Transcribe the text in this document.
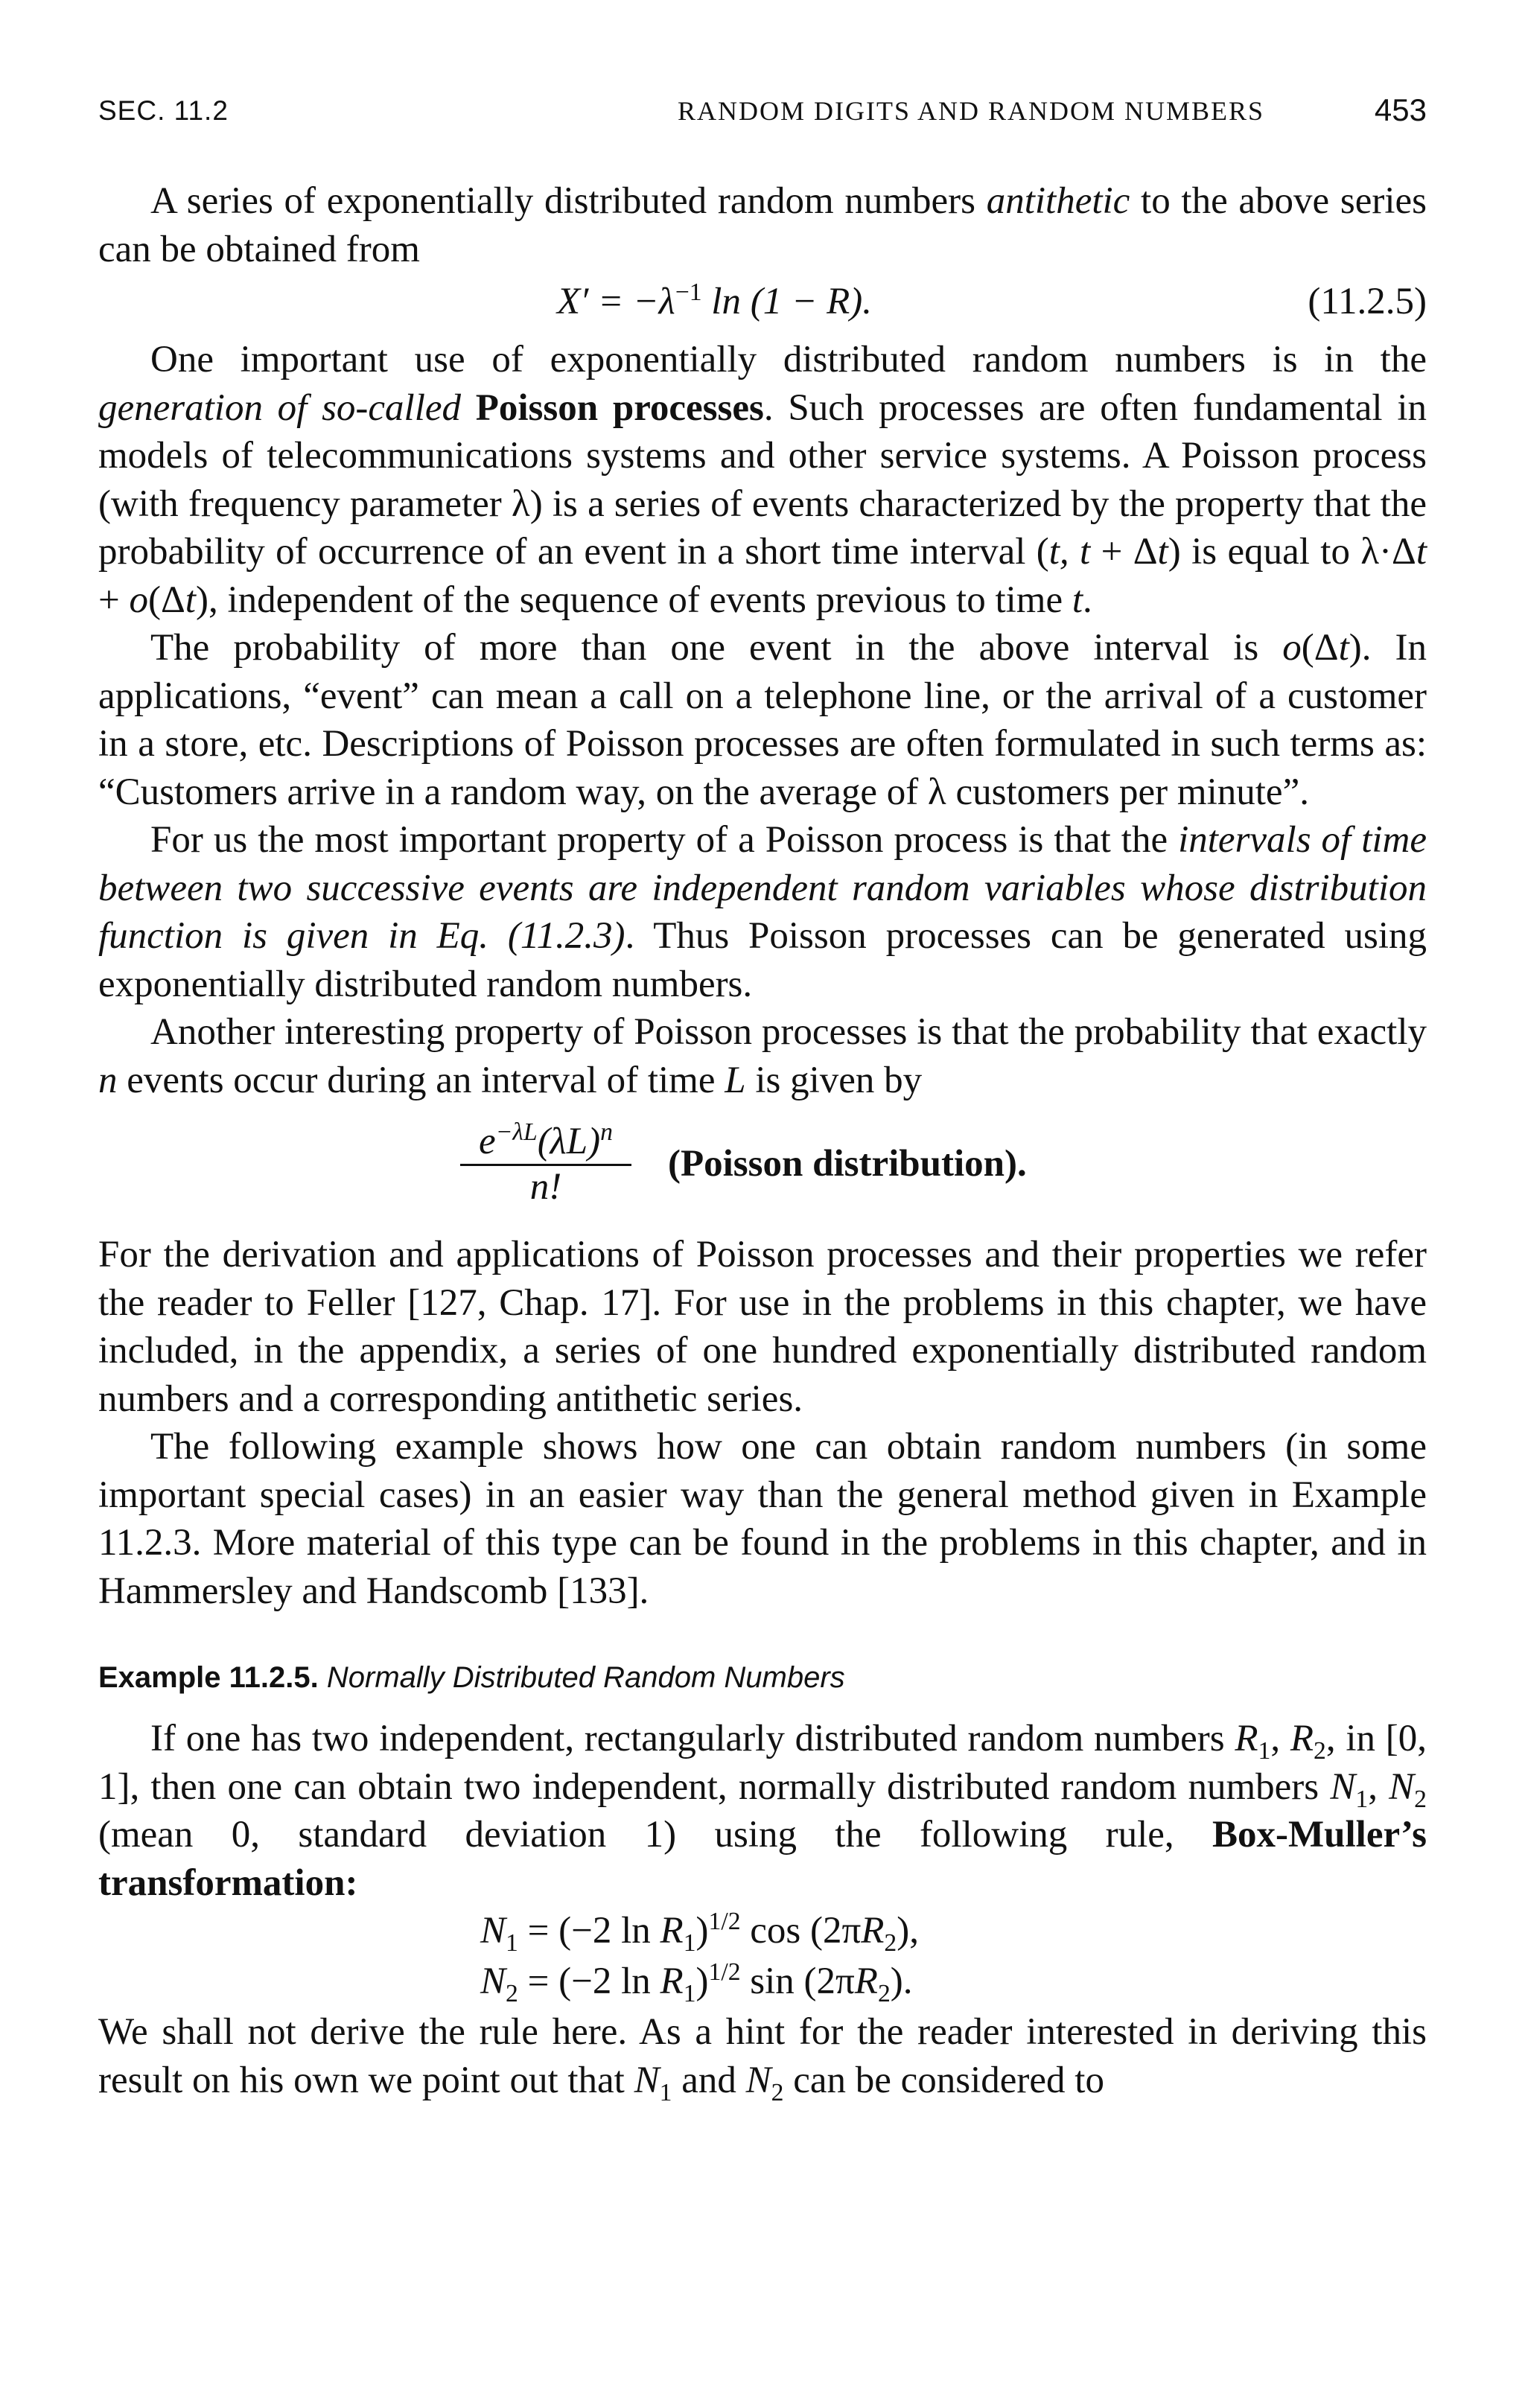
SEC. 11.2	RANDOM DIGITS AND RANDOM NUMBERS	453

A series of exponentially distributed random numbers antithetic to the above series can be obtained from

$X' = -\lambda^{-1}$ ln (1 − R).	(11.2.5)

One important use of exponentially distributed random numbers is in the generation of so-called Poisson processes. Such processes are often fundamental in models of telecommunications systems and other service systems. A Poisson process (with frequency parameter λ) is a series of events characterized by the property that the probability of occurrence of an event in a short time interval (t, t + Δt) is equal to λ·Δt + o(Δt), independent of the sequence of events previous to time t.

The probability of more than one event in the above interval is o(Δt). In applications, “event” can mean a call on a telephone line, or the arrival of a customer in a store, etc. Descriptions of Poisson processes are often formulated in such terms as: “Customers arrive in a random way, on the average of λ customers per minute”.

For us the most important property of a Poisson process is that the intervals of time between two successive events are independent random variables whose distribution function is given in Eq. (11.2.3). Thus Poisson processes can be generated using exponentially distributed random numbers.

Another interesting property of Poisson processes is that the probability that exactly n events occur during an interval of time L is given by

$\frac{e^{-\lambda L}(\lambda L)^n}{n!}$ (Poisson distribution).

For the derivation and applications of Poisson processes and their properties we refer the reader to Feller [127, Chap. 17]. For use in the problems in this chapter, we have included, in the appendix, a series of one hundred exponentially distributed random numbers and a corresponding antithetic series.

The following example shows how one can obtain random numbers (in some important special cases) in an easier way than the general method given in Example 11.2.3. More material of this type can be found in the problems in this chapter, and in Hammersley and Handscomb [133].

Example 11.2.5. Normally Distributed Random Numbers

If one has two independent, rectangularly distributed random numbers $R_1$, $R_2$, in [0, 1], then one can obtain two independent, normally distributed random numbers $N_1$, $N_2$ (mean 0, standard deviation 1) using the following rule, Box-Muller’s transformation:

$N_1 = (-2$ $\ln R_1)^{1/2}$ $\cos (2\pi R_2)$,
$N_2 = (-2$ $\ln R_1)^{1/2}$ $\sin (2\pi R_2)$.

We shall not derive the rule here. As a hint for the reader interested in deriving this result on his own we point out that $N_1$ and $N_2$ can be considered to
